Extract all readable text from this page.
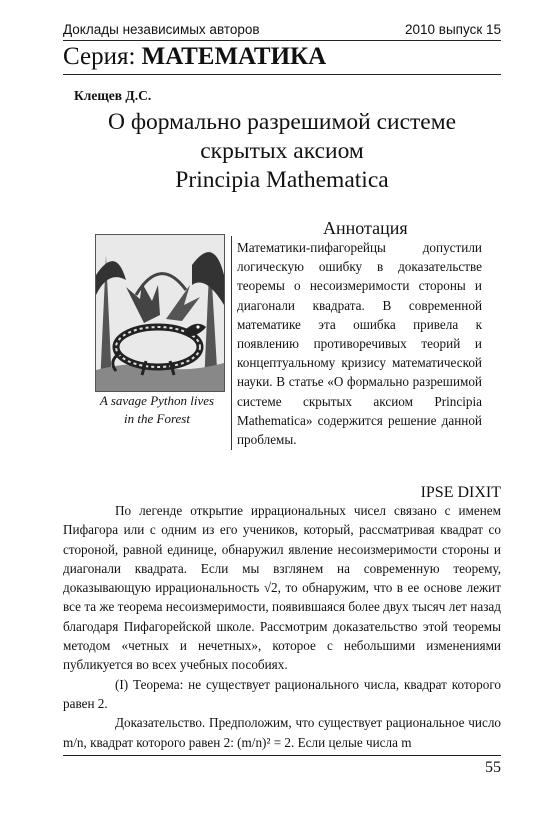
Доклады независимых авторов	2010 выпуск 15
Серия: МАТЕМАТИКА
Клещев Д.С.
О формально разрешимой системе
скрытых аксиом
Principia Mathematica
Аннотация
A savage Python lives
in the Forest
Математики-пифагорейцы допустили логическую ошибку в доказательстве теоремы о несоизмеримости стороны и диагонали квадрата. В современной математике эта ошибка привела к появлению противоречивых теорий и концептуальному кризису математической науки. В статье «О формально разрешимой системе скрытых аксиом Principia Mathematica» содержится решение данной проблемы.
IPSE DIXIT

По легенде открытие иррациональных чисел связано с именем Пифагора или с одним из его учеников, который, рассматривая квадрат со стороной, равной единице, обнаружил явление несоизмеримости стороны и диагонали квадрата. Если мы взглянем на современную теорему, доказывающую иррациональность √2, то обнаружим, что в ее основе лежит все та же теорема несоизмеримости, появившаяся более двух тысяч лет назад благодаря Пифагорейской школе. Рассмотрим доказательство этой теоремы методом «четных и нечетных», которое с небольшими изменениями публикуется во всех учебных пособиях.

(I) Теорема: не существует рационального числа, квадрат которого равен 2.

Доказательство. Предположим, что существует рациональное число m/n, квадрат которого равен 2: (m/n)² = 2. Если целые числа m

55
